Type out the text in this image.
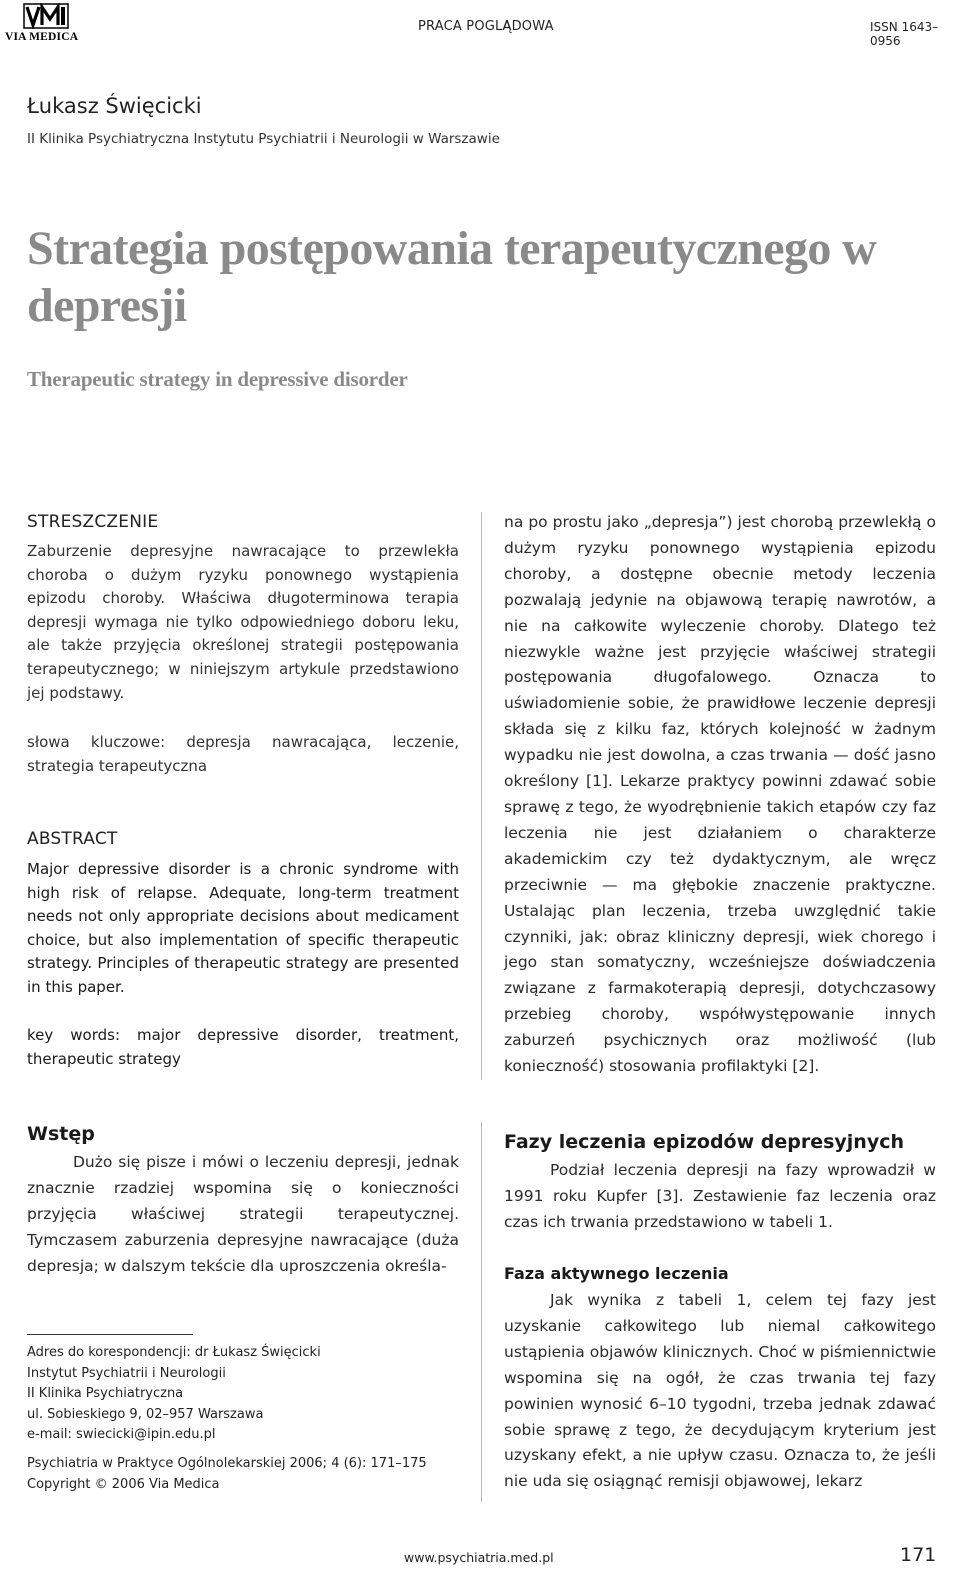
VIA MEDICA
PRACA POGLĄDOWA	ISSN 1643–0956
Łukasz Święcicki
II Klinika Psychiatryczna Instytutu Psychiatrii i Neurologii w Warszawie
Strategia postępowania terapeutycznego w depresji
Therapeutic strategy in depressive disorder
STRESZCZENIE
Zaburzenie depresyjne nawracające to przewlekła choroba o dużym ryzyku ponownego wystąpienia epizodu choroby. Właściwa długoterminowa terapia depresji wymaga nie tylko odpowiedniego doboru leku, ale także przyjęcia określonej strategii postępowania terapeutycznego; w niniejszym artykule przedstawiono jej podstawy.
słowa kluczowe: depresja nawracająca, leczenie, strategia terapeutyczna
ABSTRACT
Major depressive disorder is a chronic syndrome with high risk of relapse. Adequate, long-term treatment needs not only appropriate decisions about medicament choice, but also implementation of specific therapeutic strategy. Principles of therapeutic strategy are presented in this paper.
key words: major depressive disorder, treatment, therapeutic strategy
na po prostu jako „depresja”) jest chorobą przewlekłą o dużym ryzyku ponownego wystąpienia epizodu choroby, a dostępne obecnie metody leczenia pozwalają jedynie na objawową terapię nawrotów, a nie na całkowite wyleczenie choroby. Dlatego też niezwykle ważne jest przyjęcie właściwej strategii postępowania długofalowego. Oznacza to uświadomienie sobie, że prawidłowe leczenie depresji składa się z kilku faz, których kolejność w żadnym wypadku nie jest dowolna, a czas trwania — dość jasno określony [1]. Lekarze praktycy powinni zdawać sobie sprawę z tego, że wyodrębnienie takich etapów czy faz leczenia nie jest działaniem o charakterze akademickim czy też dydaktycznym, ale wręcz przeciwnie — ma głębokie znaczenie praktyczne. Ustalając plan leczenia, trzeba uwzględnić takie czynniki, jak: obraz kliniczny depresji, wiek chorego i jego stan somatyczny, wcześniejsze doświadczenia związane z farmakoterapią depresji, dotychczasowy przebieg choroby, współwystępowanie innych zaburzeń psychicznych oraz możliwość (lub konieczność) stosowania profilaktyki [2].
Wstęp
Dużo się pisze i mówi o leczeniu depresji, jednak znacznie rzadziej wspomina się o konieczności przyjęcia właściwej strategii terapeutycznej. Tymczasem zaburzenia depresyjne nawracające (duża depresja; w dalszym tekście dla uproszczenia określa-
Adres do korespondencji: dr Łukasz Święcicki
Instytut Psychiatrii i Neurologii
II Klinika Psychiatryczna
ul. Sobieskiego 9, 02–957 Warszawa
e-mail: swiecicki@ipin.edu.pl
Psychiatria w Praktyce Ogólnolekarskiej 2006; 4 (6): 171–175
Copyright © 2006 Via Medica
Fazy leczenia epizodów depresyjnych
Podział leczenia depresji na fazy wprowadził w 1991 roku Kupfer [3]. Zestawienie faz leczenia oraz czas ich trwania przedstawiono w tabeli 1.
Faza aktywnego leczenia
Jak wynika z tabeli 1, celem tej fazy jest uzyskanie całkowitego lub niemal całkowitego ustąpienia objawów klinicznych. Choć w piśmiennictwie wspomina się na ogół, że czas trwania tej fazy powinien wynosić 6–10 tygodni, trzeba jednak zdawać sobie sprawę z tego, że decydującym kryterium jest uzyskany efekt, a nie upływ czasu. Oznacza to, że jeśli nie uda się osiągnąć remisji objawowej, lekarz
www.psychiatria.med.pl	171
